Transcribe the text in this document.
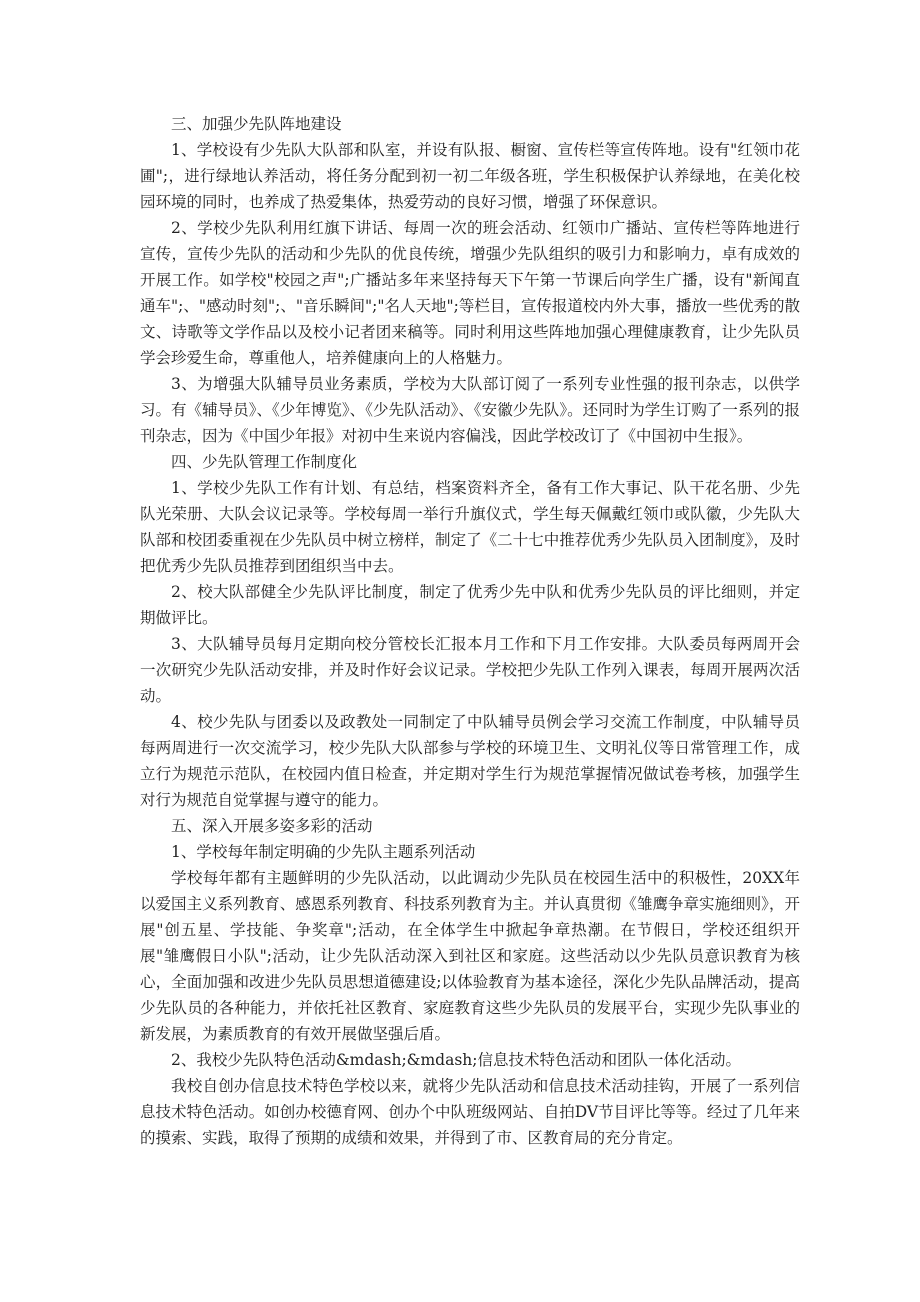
三、加强少先队阵地建设

1、学校设有少先队大队部和队室，并设有队报、橱窗、宣传栏等宣传阵地。设有"红领巾花圃";，进行绿地认养活动，将任务分配到初一初二年级各班，学生积极保护认养绿地，在美化校园环境的同时，也养成了热爱集体，热爱劳动的良好习惯，增强了环保意识。

2、学校少先队利用红旗下讲话、每周一次的班会活动、红领巾广播站、宣传栏等阵地进行宣传，宣传少先队的活动和少先队的优良传统，增强少先队组织的吸引力和影响力，卓有成效的开展工作。如学校"校园之声";广播站多年来坚持每天下午第一节课后向学生广播，设有"新闻直通车";、"感动时刻";、"音乐瞬间";"名人天地";等栏目，宣传报道校内外大事，播放一些优秀的散文、诗歌等文学作品以及校小记者团来稿等。同时利用这些阵地加强心理健康教育，让少先队员学会珍爱生命，尊重他人，培养健康向上的人格魅力。

3、为增强大队辅导员业务素质，学校为大队部订阅了一系列专业性强的报刊杂志，以供学习。有《辅导员》、《少年博览》、《少先队活动》、《安徽少先队》。还同时为学生订购了一系列的报刊杂志，因为《中国少年报》对初中生来说内容偏浅，因此学校改订了《中国初中生报》。

四、少先队管理工作制度化

1、学校少先队工作有计划、有总结，档案资料齐全，备有工作大事记、队干花名册、少先队光荣册、大队会议记录等。学校每周一举行升旗仪式，学生每天佩戴红领巾或队徽，少先队大队部和校团委重视在少先队员中树立榜样，制定了《二十七中推荐优秀少先队员入团制度》，及时把优秀少先队员推荐到团组织当中去。

2、校大队部健全少先队评比制度，制定了优秀少先中队和优秀少先队员的评比细则，并定期做评比。

3、大队辅导员每月定期向校分管校长汇报本月工作和下月工作安排。大队委员每两周开会一次研究少先队活动安排，并及时作好会议记录。学校把少先队工作列入课表，每周开展两次活动。

4、校少先队与团委以及政教处一同制定了中队辅导员例会学习交流工作制度，中队辅导员每两周进行一次交流学习，校少先队大队部参与学校的环境卫生、文明礼仪等日常管理工作，成立行为规范示范队，在校园内值日检查，并定期对学生行为规范掌握情况做试卷考核，加强学生对行为规范自觉掌握与遵守的能力。

五、深入开展多姿多彩的活动

1、学校每年制定明确的少先队主题系列活动

学校每年都有主题鲜明的少先队活动，以此调动少先队员在校园生活中的积极性，20XX年以爱国主义系列教育、感恩系列教育、科技系列教育为主。并认真贯彻《雏鹰争章实施细则》，开展"创五星、学技能、争奖章";活动，在全体学生中掀起争章热潮。在节假日，学校还组织开展"雏鹰假日小队";活动，让少先队活动深入到社区和家庭。这些活动以少先队员意识教育为核心，全面加强和改进少先队员思想道德建设;以体验教育为基本途径，深化少先队品牌活动，提高少先队员的各种能力，并依托社区教育、家庭教育这些少先队员的发展平台，实现少先队事业的新发展，为素质教育的有效开展做坚强后盾。

2、我校少先队特色活动&mdash;&mdash;信息技术特色活动和团队一体化活动。

我校自创办信息技术特色学校以来，就将少先队活动和信息技术活动挂钩，开展了一系列信息技术特色活动。如创办校德育网、创办个中队班级网站、自拍DV节目评比等等。经过了几年来的摸索、实践，取得了预期的成绩和效果，并得到了市、区教育局的充分肯定。
